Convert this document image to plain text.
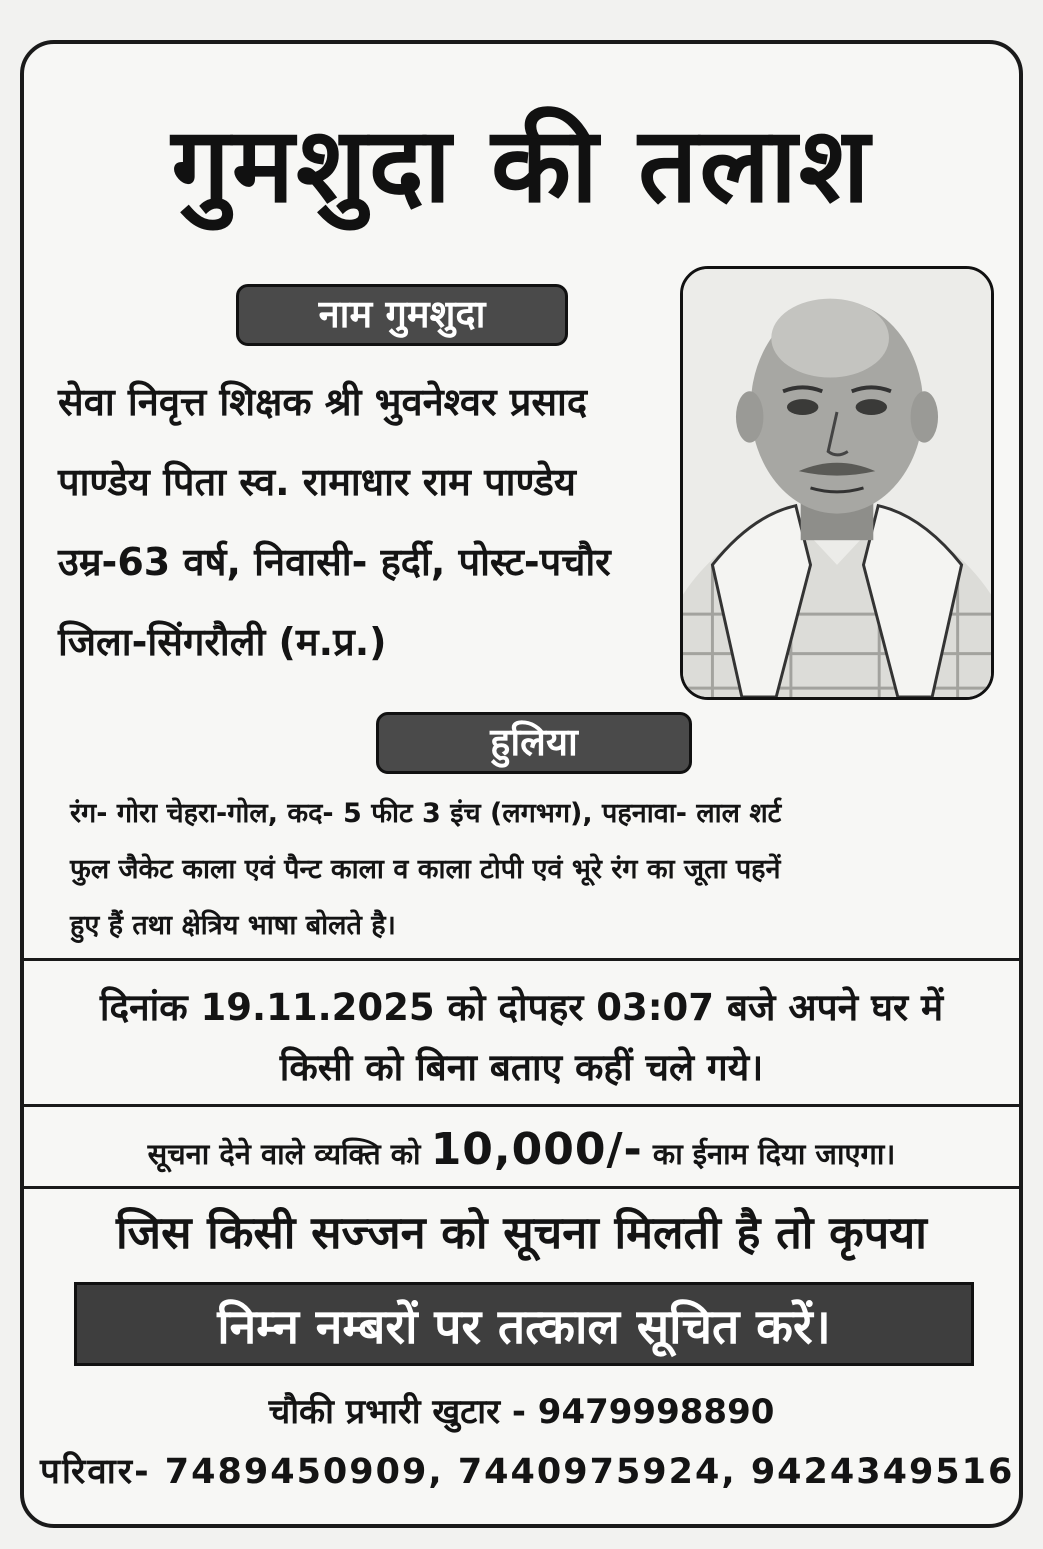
गुमशुदा की तलाश
नाम गुमशुदा
सेवा निवृत्त शिक्षक श्री भुवनेश्वर प्रसाद
पाण्डेय पिता स्व. रामाधार राम पाण्डेय
उम्र-63 वर्ष, निवासी- हर्दी, पोस्ट-पचौर
जिला-सिंगरौली (म.प्र.)
हुलिया
रंग- गोरा चेहरा-गोल, कद- 5 फीट 3 इंच (लगभग), पहनावा- लाल शर्ट
फुल जैकेट काला एवं पैन्ट काला व काला टोपी एवं भूरे रंग का जूता पहनें
हुए हैं तथा क्षेत्रिय भाषा बोलते है।
दिनांक 19.11.2025 को दोपहर 03:07 बजे अपने घर में
किसी को बिना बताए कहीं चले गये।
सूचना देने वाले व्यक्ति को 10,000/- का ईनाम दिया जाएगा।
जिस किसी सज्जन को सूचना मिलती है तो कृपया
निम्न नम्बरों पर तत्काल सूचित करें।
चौकी प्रभारी खुटार - 9479998890
परिवार- 7489450909, 7440975924, 9424349516
